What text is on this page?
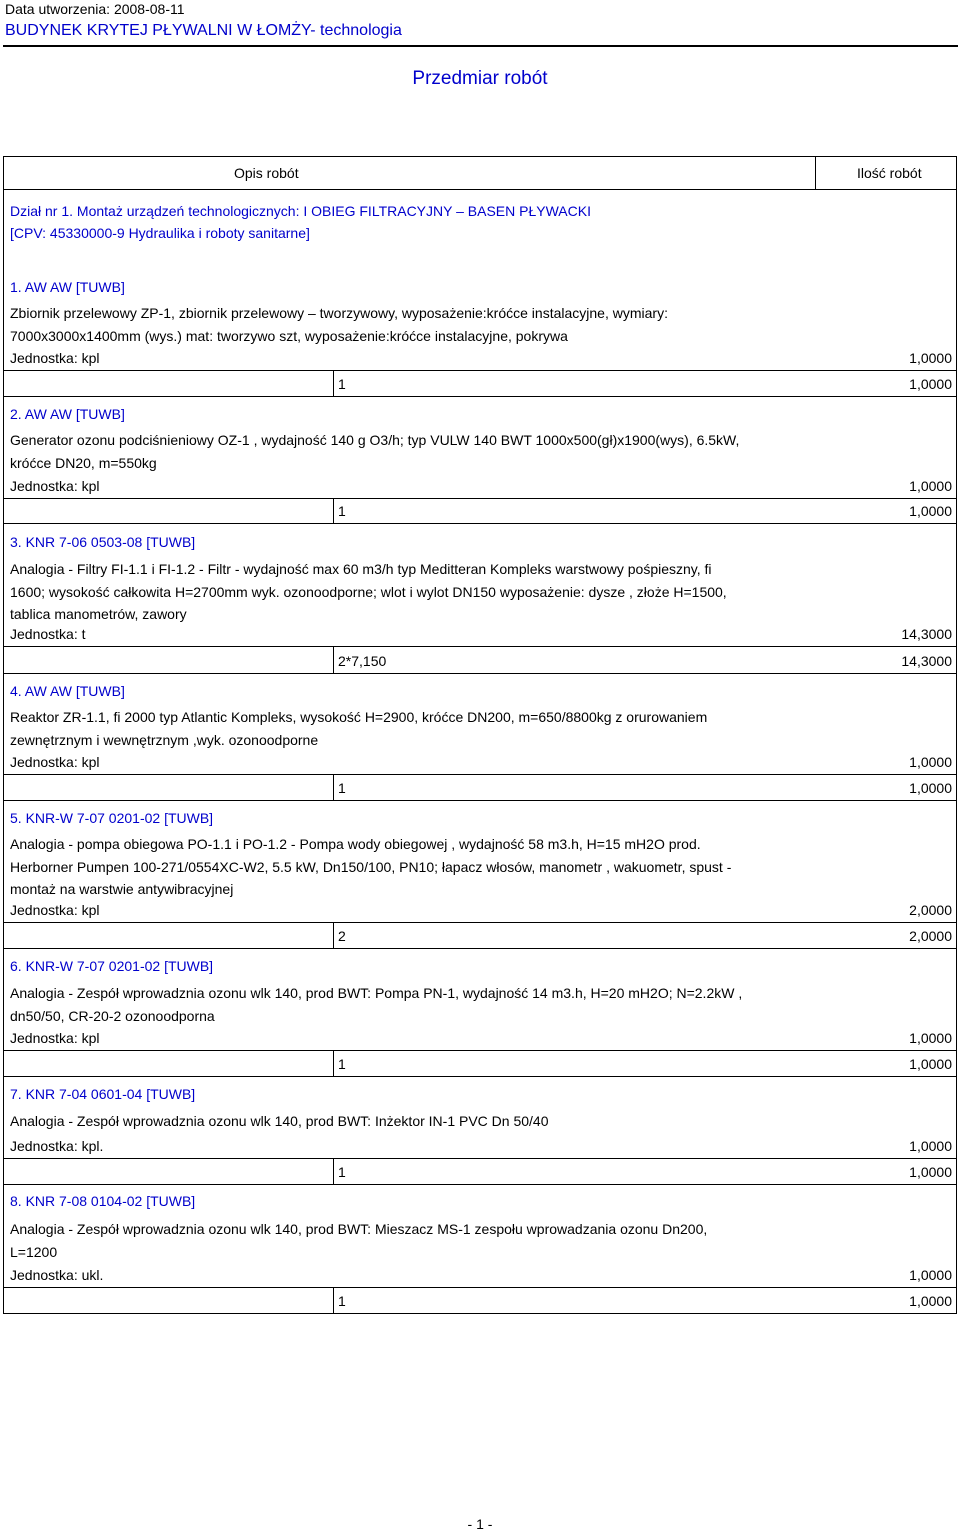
Data utworzenia: 2008-08-11
BUDYNEK KRYTEJ PŁYWALNI W ŁOMŻY- technologia
Przedmiar robót
Opis robót	Ilość robót
Dział nr 1. Montaż urządzeń technologicznych: I OBIEG FILTRACYJNY – BASEN PŁYWACKI
[CPV: 45330000-9 Hydraulika i roboty sanitarne]
1. AW AW [TUWB]
Zbiornik przelewowy ZP-1, zbiornik przelewowy – tworzywowy, wyposażenie:króćce instalacyjne, wymiary:
7000x3000x1400mm (wys.) mat: tworzywo szt, wyposażenie:króćce instalacyjne, pokrywa
Jednostka: kpl	1,0000
1	1,0000
2. AW AW [TUWB]
Generator ozonu podciśnieniowy OZ-1 , wydajność 140 g O3/h; typ VULW 140 BWT 1000x500(gł)x1900(wys), 6.5kW,
króćce DN20, m=550kg
Jednostka: kpl	1,0000
1	1,0000
3. KNR 7-06 0503-08 [TUWB]
Analogia - Filtry FI-1.1 i FI-1.2 - Filtr - wydajność max 60 m3/h typ Meditteran Kompleks warstwowy pośpieszny, fi
1600; wysokość całkowita H=2700mm wyk. ozonoodporne; wlot i wylot DN150 wyposażenie: dysze , złoże H=1500,
tablica manometrów, zawory
Jednostka: t	14,3000
2*7,150	14,3000
4. AW AW [TUWB]
Reaktor ZR-1.1, fi 2000 typ Atlantic Kompleks, wysokość H=2900, króćce DN200, m=650/8800kg z orurowaniem
zewnętrznym i wewnętrznym ,wyk. ozonoodporne
Jednostka: kpl	1,0000
1	1,0000
5. KNR-W 7-07 0201-02 [TUWB]
Analogia - pompa obiegowa PO-1.1 i PO-1.2 - Pompa wody obiegowej , wydajność 58 m3.h, H=15 mH2O prod.
Herborner Pumpen 100-271/0554XC-W2, 5.5 kW, Dn150/100, PN10; łapacz włosów, manometr , wakuometr, spust -
montaż na warstwie antywibracyjnej
Jednostka: kpl	2,0000
2	2,0000
6. KNR-W 7-07 0201-02 [TUWB]
Analogia - Zespół wprowadznia ozonu wlk 140, prod BWT: Pompa PN-1, wydajność 14 m3.h, H=20 mH2O; N=2.2kW ,
dn50/50, CR-20-2 ozonoodporna
Jednostka: kpl	1,0000
1	1,0000
7. KNR 7-04 0601-04 [TUWB]
Analogia - Zespół wprowadznia ozonu wlk 140, prod BWT: Inżektor IN-1 PVC Dn 50/40
Jednostka: kpl.	1,0000
1	1,0000
8. KNR 7-08 0104-02 [TUWB]
Analogia - Zespół wprowadznia ozonu wlk 140, prod BWT: Mieszacz MS-1 zespołu wprowadzania ozonu Dn200,
L=1200
Jednostka: ukl.	1,0000
1	1,0000
- 1 -
